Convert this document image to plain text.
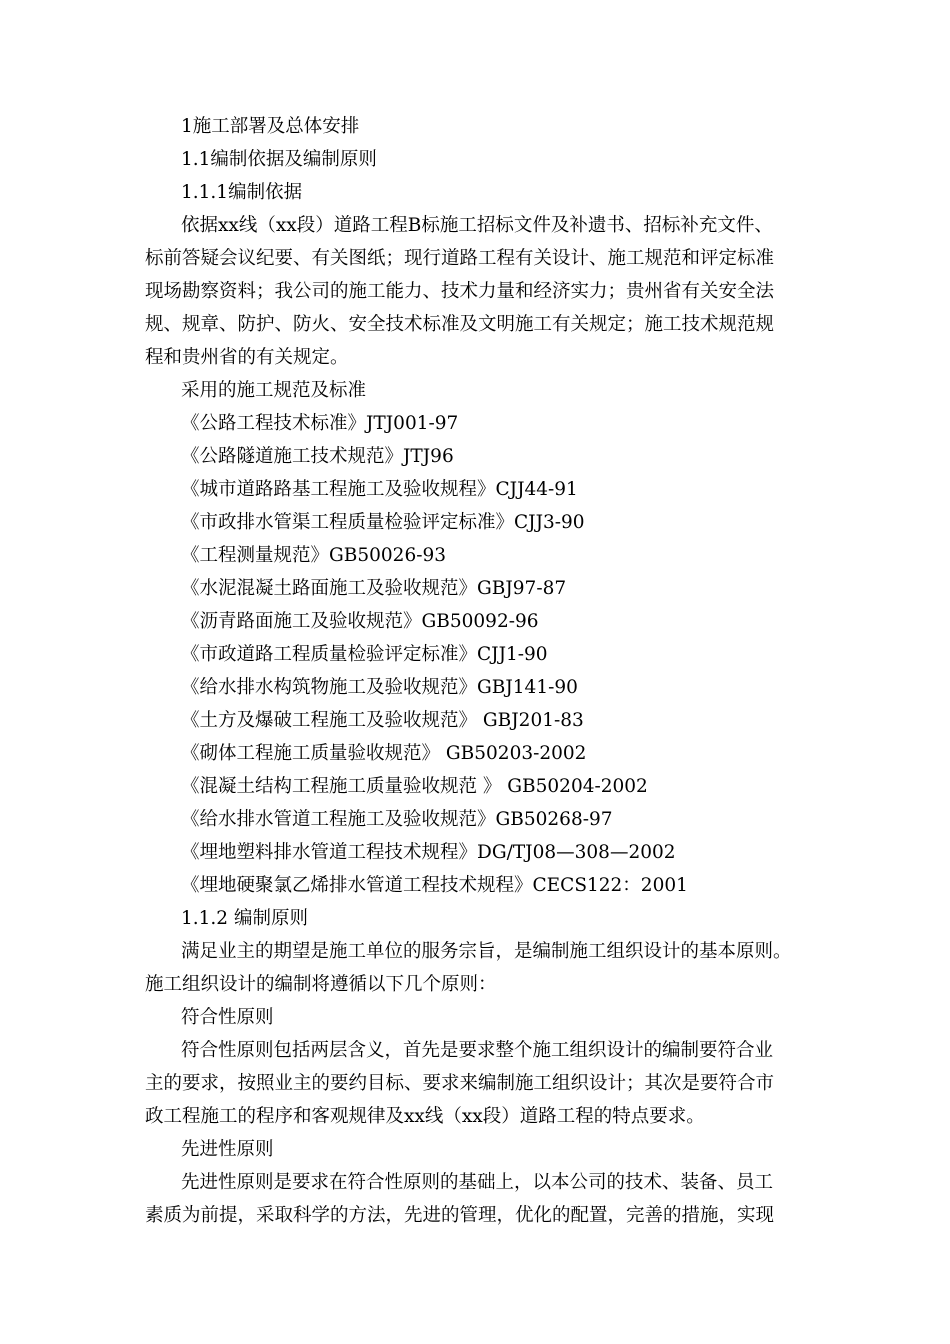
1施工部署及总体安排
1.1编制依据及编制原则
1.1.1编制依据
依据xx线（xx段）道路工程B标施工招标文件及补遗书、招标补充文件、
标前答疑会议纪要、有关图纸；现行道路工程有关设计、施工规范和评定标准
现场勘察资料；我公司的施工能力、技术力量和经济实力；贵州省有关安全法
规、规章、防护、防火、安全技术标准及文明施工有关规定；施工技术规范规
程和贵州省的有关规定。
采用的施工规范及标准
《公路工程技术标准》JTJ001-97
《公路隧道施工技术规范》JTJ96
《城市道路路基工程施工及验收规程》CJJ44-91
《市政排水管渠工程质量检验评定标准》CJJ3-90
《工程测量规范》GB50026-93
《水泥混凝土路面施工及验收规范》GBJ97-87
《沥青路面施工及验收规范》GB50092-96
《市政道路工程质量检验评定标准》CJJ1-90
《给水排水构筑物施工及验收规范》GBJ141-90
《土方及爆破工程施工及验收规范》 GBJ201-83
《砌体工程施工质量验收规范》 GB50203-2002
《混凝土结构工程施工质量验收规范 》 GB50204-2002
《给水排水管道工程施工及验收规范》GB50268-97
《埋地塑料排水管道工程技术规程》DG/TJ08—308—2002
《埋地硬聚氯乙烯排水管道工程技术规程》CECS122：2001
1.1.2 编制原则
满足业主的期望是施工单位的服务宗旨，是编制施工组织设计的基本原则。
施工组织设计的编制将遵循以下几个原则：
符合性原则
符合性原则包括两层含义，首先是要求整个施工组织设计的编制要符合业
主的要求，按照业主的要约目标、要求来编制施工组织设计；其次是要符合市
政工程施工的程序和客观规律及xx线（xx段）道路工程的特点要求。
先进性原则
先进性原则是要求在符合性原则的基础上，以本公司的技术、装备、员工
素质为前提，采取科学的方法，先进的管理，优化的配置，完善的措施，实现
